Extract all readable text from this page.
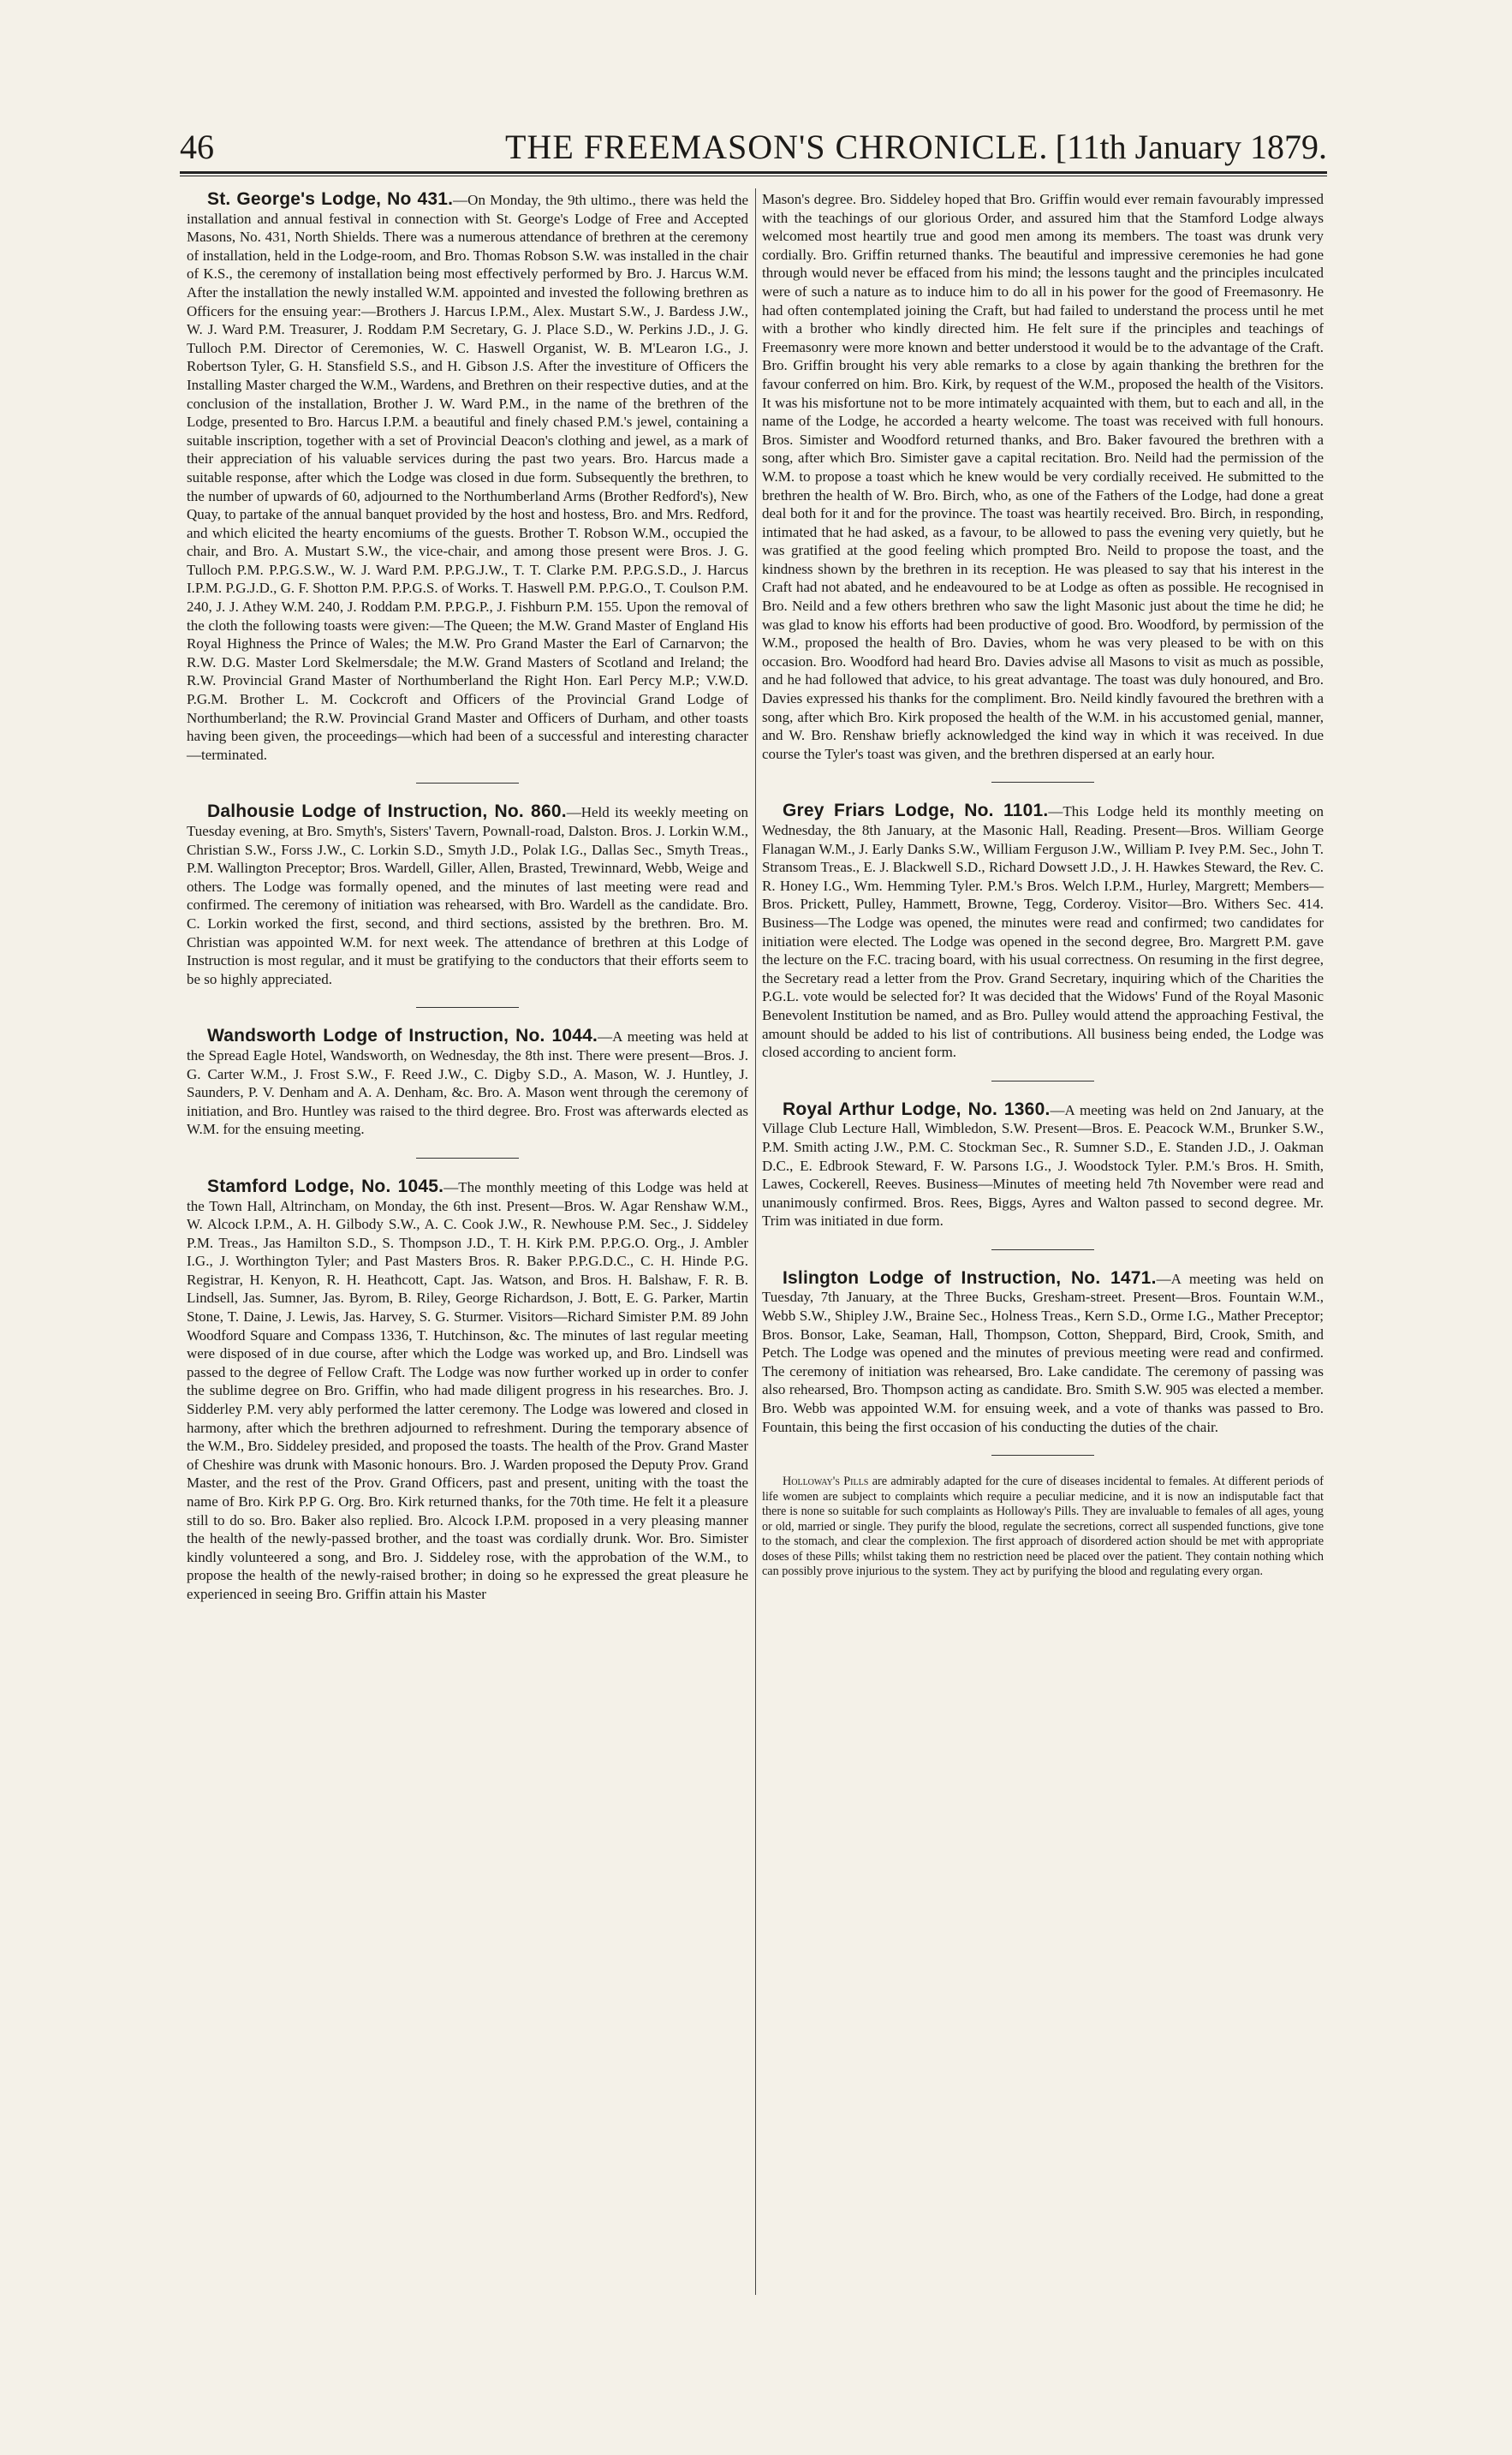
46	THE FREEMASON'S CHRONICLE. [11th January 1879.

St. George's Lodge, No 431.—On Monday, the 9th ultimo., there was held the installation and annual festival in connection with St. George's Lodge of Free and Accepted Masons, No. 431, North Shields. There was a numerous attendance of brethren at the ceremony of installation, held in the Lodge-room, and Bro. Thomas Robson S.W. was installed in the chair of K.S., the ceremony of installation being most effectively performed by Bro. J. Harcus W.M. After the installation the newly installed W.M. appointed and invested the following brethren as Officers for the ensuing year:—Brothers J. Harcus I.P.M., Alex. Mustart S.W., J. Bardess J.W., W. J. Ward P.M. Treasurer, J. Roddam P.M Secretary, G. J. Place S.D., W. Perkins J.D., J. G. Tulloch P.M. Director of Ceremonies, W. C. Haswell Organist, W. B. M'Learon I.G., J. Robertson Tyler, G. H. Stansfield S.S., and H. Gibson J.S. After the investiture of Officers the Installing Master charged the W.M., Wardens, and Brethren on their respective duties, and at the conclusion of the installation, Brother J. W. Ward P.M., in the name of the brethren of the Lodge, presented to Bro. Harcus I.P.M. a beautiful and finely chased P.M.'s jewel, containing a suitable inscription, together with a set of Provincial Deacon's clothing and jewel, as a mark of their appreciation of his valuable services during the past two years. Bro. Harcus made a suitable response, after which the Lodge was closed in due form. Subsequently the brethren, to the number of upwards of 60, adjourned to the Northumberland Arms (Brother Redford's), New Quay, to partake of the annual banquet provided by the host and hostess, Bro. and Mrs. Redford, and which elicited the hearty encomiums of the guests. Brother T. Robson W.M., occupied the chair, and Bro. A. Mustart S.W., the vice-chair, and among those present were Bros. J. G. Tulloch P.M. P.P.G.S.W., W. J. Ward P.M. P.P.G.J.W., T. T. Clarke P.M. P.P.G.S.D., J. Harcus I.P.M. P.G.J.D., G. F. Shotton P.M. P.P.G.S. of Works. T. Haswell P.M. P.P.G.O., T. Coulson P.M. 240, J. J. Athey W.M. 240, J. Roddam P.M. P.P.G.P., J. Fishburn P.M. 155. Upon the removal of the cloth the following toasts were given:—The Queen; the M.W. Grand Master of England His Royal Highness the Prince of Wales; the M.W. Pro Grand Master the Earl of Carnarvon; the R.W. D.G. Master Lord Skelmersdale; the M.W. Grand Masters of Scotland and Ireland; the R.W. Provincial Grand Master of Northumberland the Right Hon. Earl Percy M.P.; V.W.D. P.G.M. Brother L. M. Cockcroft and Officers of the Provincial Grand Lodge of Northumberland; the R.W. Provincial Grand Master and Officers of Durham, and other toasts having been given, the proceedings—which had been of a successful and interesting character—terminated.

Dalhousie Lodge of Instruction, No. 860.—Held its weekly meeting on Tuesday evening, at Bro. Smyth's, Sisters' Tavern, Pownall-road, Dalston. Bros. J. Lorkin W.M., Christian S.W., Forss J.W., C. Lorkin S.D., Smyth J.D., Polak I.G., Dallas Sec., Smyth Treas., P.M. Wallington Preceptor; Bros. Wardell, Giller, Allen, Brasted, Trewinnard, Webb, Weige and others. The Lodge was formally opened, and the minutes of last meeting were read and confirmed. The ceremony of initiation was rehearsed, with Bro. Wardell as the candidate. Bro. C. Lorkin worked the first, second, and third sections, assisted by the brethren. Bro. M. Christian was appointed W.M. for next week. The attendance of brethren at this Lodge of Instruction is most regular, and it must be gratifying to the conductors that their efforts seem to be so highly appreciated.

Wandsworth Lodge of Instruction, No. 1044.—A meeting was held at the Spread Eagle Hotel, Wandsworth, on Wednesday, the 8th inst. There were present—Bros. J. G. Carter W.M., J. Frost S.W., F. Reed J.W., C. Digby S.D., A. Mason, W. J. Huntley, J. Saunders, P. V. Denham and A. A. Denham, &c. Bro. A. Mason went through the ceremony of initiation, and Bro. Huntley was raised to the third degree. Bro. Frost was afterwards elected as W.M. for the ensuing meeting.

Stamford Lodge, No. 1045.—The monthly meeting of this Lodge was held at the Town Hall, Altrincham, on Monday, the 6th inst. Present—Bros. W. Agar Renshaw W.M., W. Alcock I.P.M., A. H. Gilbody S.W., A. C. Cook J.W., R. Newhouse P.M. Sec., J. Siddeley P.M. Treas., Jas Hamilton S.D., S. Thompson J.D., T. H. Kirk P.M. P.P.G.O. Org., J. Ambler I.G., J. Worthington Tyler; and Past Masters Bros. R. Baker P.P.G.D.C., C. H. Hinde P.G. Registrar, H. Kenyon, R. H. Heathcott, Capt. Jas. Watson, and Bros. H. Balshaw, F. R. B. Lindsell, Jas. Sumner, Jas. Byrom, B. Riley, George Richardson, J. Bott, E. G. Parker, Martin Stone, T. Daine, J. Lewis, Jas. Harvey, S. G. Sturmer. Visitors—Richard Simister P.M. 89 John Woodford Square and Compass 1336, T. Hutchinson, &c. The minutes of last regular meeting were disposed of in due course, after which the Lodge was worked up, and Bro. Lindsell was passed to the degree of Fellow Craft. The Lodge was now further worked up in order to confer the sublime degree on Bro. Griffin, who had made diligent progress in his researches. Bro. J. Sidderley P.M. very ably performed the latter ceremony. The Lodge was lowered and closed in harmony, after which the brethren adjourned to refreshment. During the temporary absence of the W.M., Bro. Siddeley presided, and proposed the toasts. The health of the Prov. Grand Master of Cheshire was drunk with Masonic honours. Bro. J. Warden proposed the Deputy Prov. Grand Master, and the rest of the Prov. Grand Officers, past and present, uniting with the toast the name of Bro. Kirk P.P G. Org. Bro. Kirk returned thanks, for the 70th time. He felt it a pleasure still to do so. Bro. Baker also replied. Bro. Alcock I.P.M. proposed in a very pleasing manner the health of the newly-passed brother, and the toast was cordially drunk. Wor. Bro. Simister kindly volunteered a song, and Bro. J. Siddeley rose, with the approbation of the W.M., to propose the health of the newly-raised brother; in doing so he expressed the great pleasure he experienced in seeing Bro. Griffin attain his Master

Mason's degree. Bro. Siddeley hoped that Bro. Griffin would ever remain favourably impressed with the teachings of our glorious Order, and assured him that the Stamford Lodge always welcomed most heartily true and good men among its members. The toast was drunk very cordially. Bro. Griffin returned thanks. The beautiful and impressive ceremonies he had gone through would never be effaced from his mind; the lessons taught and the principles inculcated were of such a nature as to induce him to do all in his power for the good of Freemasonry. He had often contemplated joining the Craft, but had failed to understand the process until he met with a brother who kindly directed him. He felt sure if the principles and teachings of Freemasonry were more known and better understood it would be to the advantage of the Craft. Bro. Griffin brought his very able remarks to a close by again thanking the brethren for the favour conferred on him. Bro. Kirk, by request of the W.M., proposed the health of the Visitors. It was his misfortune not to be more intimately acquainted with them, but to each and all, in the name of the Lodge, he accorded a hearty welcome. The toast was received with full honours. Bros. Simister and Woodford returned thanks, and Bro. Baker favoured the brethren with a song, after which Bro. Simister gave a capital recitation. Bro. Neild had the permission of the W.M. to propose a toast which he knew would be very cordially received. He submitted to the brethren the health of W. Bro. Birch, who, as one of the Fathers of the Lodge, had done a great deal both for it and for the province. The toast was heartily received. Bro. Birch, in responding, intimated that he had asked, as a favour, to be allowed to pass the evening very quietly, but he was gratified at the good feeling which prompted Bro. Neild to propose the toast, and the kindness shown by the brethren in its reception. He was pleased to say that his interest in the Craft had not abated, and he endeavoured to be at Lodge as often as possible. He recognised in Bro. Neild and a few others brethren who saw the light Masonic just about the time he did; he was glad to know his efforts had been productive of good. Bro. Woodford, by permission of the W.M., proposed the health of Bro. Davies, whom he was very pleased to be with on this occasion. Bro. Woodford had heard Bro. Davies advise all Masons to visit as much as possible, and he had followed that advice, to his great advantage. The toast was duly honoured, and Bro. Davies expressed his thanks for the compliment. Bro. Neild kindly favoured the brethren with a song, after which Bro. Kirk proposed the health of the W.M. in his accustomed genial, manner, and W. Bro. Renshaw briefly acknowledged the kind way in which it was received. In due course the Tyler's toast was given, and the brethren dispersed at an early hour.

Grey Friars Lodge, No. 1101.—This Lodge held its monthly meeting on Wednesday, the 8th January, at the Masonic Hall, Reading. Present—Bros. William George Flanagan W.M., J. Early Danks S.W., William Ferguson J.W., William P. Ivey P.M. Sec., John T. Stransom Treas., E. J. Blackwell S.D., Richard Dowsett J.D., J. H. Hawkes Steward, the Rev. C. R. Honey I.G., Wm. Hemming Tyler. P.M.'s Bros. Welch I.P.M., Hurley, Margrett; Members—Bros. Prickett, Pulley, Hammett, Browne, Tegg, Corderoy. Visitor—Bro. Withers Sec. 414. Business—The Lodge was opened, the minutes were read and confirmed; two candidates for initiation were elected. The Lodge was opened in the second degree, Bro. Margrett P.M. gave the lecture on the F.C. tracing board, with his usual correctness. On resuming in the first degree, the Secretary read a letter from the Prov. Grand Secretary, inquiring which of the Charities the P.G.L. vote would be selected for? It was decided that the Widows' Fund of the Royal Masonic Benevolent Institution be named, and as Bro. Pulley would attend the approaching Festival, the amount should be added to his list of contributions. All business being ended, the Lodge was closed according to ancient form.

Royal Arthur Lodge, No. 1360.—A meeting was held on 2nd January, at the Village Club Lecture Hall, Wimbledon, S.W. Present—Bros. E. Peacock W.M., Brunker S.W., P.M. Smith acting J.W., P.M. C. Stockman Sec., R. Sumner S.D., E. Standen J.D., J. Oakman D.C., E. Edbrook Steward, F. W. Parsons I.G., J. Woodstock Tyler. P.M.'s Bros. H. Smith, Lawes, Cockerell, Reeves. Business—Minutes of meeting held 7th November were read and unanimously confirmed. Bros. Rees, Biggs, Ayres and Walton passed to second degree. Mr. Trim was initiated in due form.

Islington Lodge of Instruction, No. 1471.—A meeting was held on Tuesday, 7th January, at the Three Bucks, Gresham-street. Present—Bros. Fountain W.M., Webb S.W., Shipley J.W., Braine Sec., Holness Treas., Kern S.D., Orme I.G., Mather Preceptor; Bros. Bonsor, Lake, Seaman, Hall, Thompson, Cotton, Sheppard, Bird, Crook, Smith, and Petch. The Lodge was opened and the minutes of previous meeting were read and confirmed. The ceremony of initiation was rehearsed, Bro. Lake candidate. The ceremony of passing was also rehearsed, Bro. Thompson acting as candidate. Bro. Smith S.W. 905 was elected a member. Bro. Webb was appointed W.M. for ensuing week, and a vote of thanks was passed to Bro. Fountain, this being the first occasion of his conducting the duties of the chair.

Holloway's Pills are admirably adapted for the cure of diseases incidental to females. At different periods of life women are subject to complaints which require a peculiar medicine, and it is now an indisputable fact that there is none so suitable for such complaints as Holloway's Pills. They are invaluable to females of all ages, young or old, married or single. They purify the blood, regulate the secretions, correct all suspended functions, give tone to the stomach, and clear the complexion. The first approach of disordered action should be met with appropriate doses of these Pills; whilst taking them no restriction need be placed over the patient. They contain nothing which can possibly prove injurious to the system. They act by purifying the blood and regulating every organ.
